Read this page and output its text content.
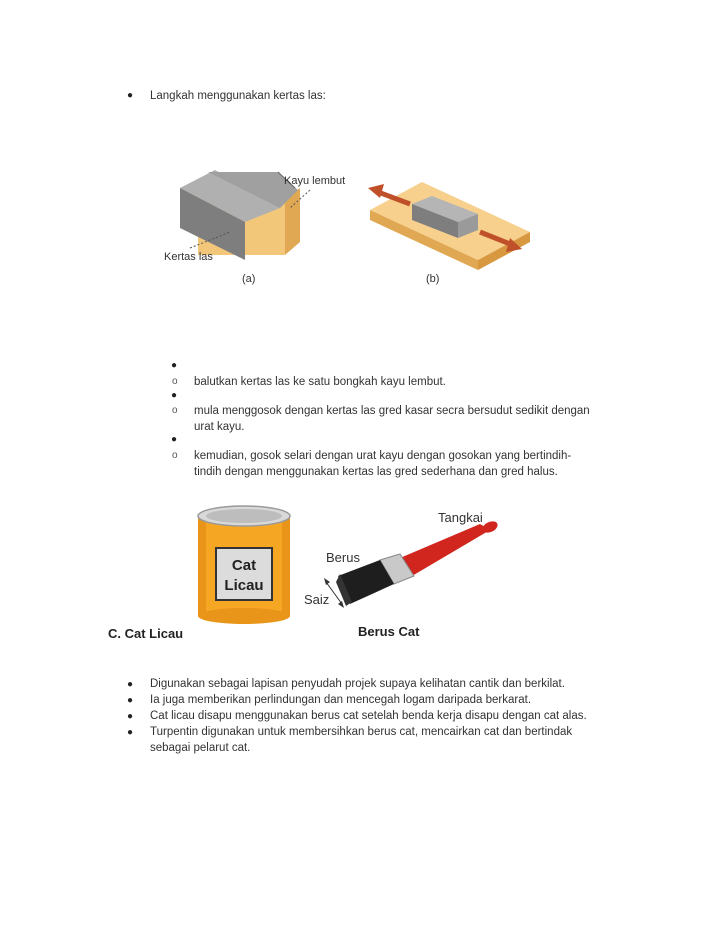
● Langkah menggunakan kertas las:
Kayu lembut
Kertas las
(a)	(b)
●
o balutkan kertas las ke satu bongkah kayu lembut.
●
o mula menggosok dengan kertas las gred kasar secra bersudut sedikit dengan
urat kayu.
●
o kemudian, gosok selari dengan urat kayu dengan gosokan yang bertindih-
tindih dengan menggunakan kertas las gred sederhana dan gred halus.
Cat
Licau
Tangkai
Berus
Saiz
Berus Cat
C. Cat Licau
● Digunakan sebagai lapisan penyudah projek supaya kelihatan cantik dan berkilat.
● Ia juga memberikan perlindungan dan mencegah logam daripada berkarat.
● Cat licau disapu menggunakan berus cat setelah benda kerja disapu dengan cat alas.
● Turpentin digunakan untuk membersihkan berus cat, mencairkan cat dan bertindak
sebagai pelarut cat.
